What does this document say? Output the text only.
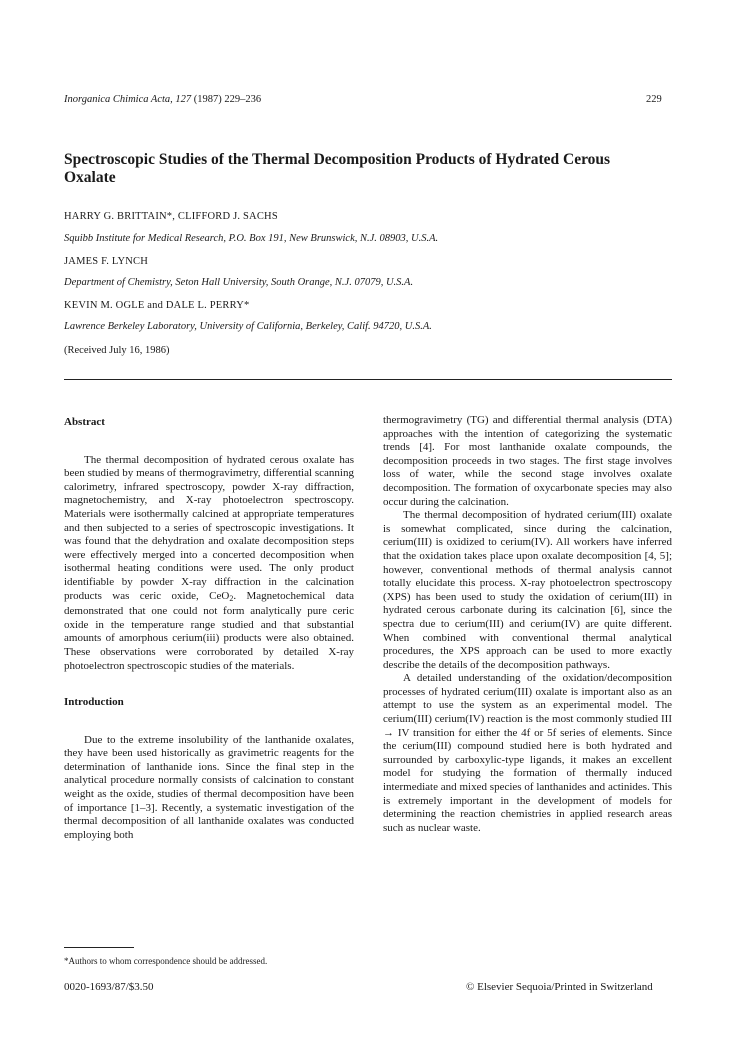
Inorganica Chimica Acta, 127 (1987) 229–236	229
Spectroscopic Studies of the Thermal Decomposition Products of Hydrated Cerous Oxalate
HARRY G. BRITTAIN*, CLIFFORD J. SACHS
Squibb Institute for Medical Research, P.O. Box 191, New Brunswick, N.J. 08903, U.S.A.
JAMES F. LYNCH
Department of Chemistry, Seton Hall University, South Orange, N.J. 07079, U.S.A.
KEVIN M. OGLE and DALE L. PERRY*
Lawrence Berkeley Laboratory, University of California, Berkeley, Calif. 94720, U.S.A.
(Received July 16, 1986)
Abstract

The thermal decomposition of hydrated cerous oxalate has been studied by means of thermogravimetry, differential scanning calorimetry, infrared spectroscopy, powder X-ray diffraction, magnetochemistry, and X-ray photoelectron spectroscopy. Materials were isothermally calcined at appropriate temperatures and then subjected to a series of spectroscopic investigations. It was found that the dehydration and oxalate decomposition steps were effectively merged into a concerted decomposition when isothermal heating conditions were used. The only product identifiable by powder X-ray diffraction in the calcination products was ceric oxide, CeO$_2$. Magnetochemical data demonstrated that one could not form analytically pure ceric oxide in the temperature range studied and that substantial amounts of amorphous cerium(iii) products were also obtained. These observations were corroborated by detailed X-ray photoelectron spectroscopic studies of the materials.

Introduction

Due to the extreme insolubility of the lanthanide oxalates, they have been used historically as gravimetric reagents for the determination of lanthanide ions. Since the final step in the analytical procedure normally consists of calcination to constant weight as the oxide, studies of thermal decomposition have been of importance [1–3]. Recently, a systematic investigation of the thermal decomposition of all lanthanide oxalates was conducted employing both

thermogravimetry (TG) and differential thermal analysis (DTA) approaches with the intention of categorizing the systematic trends [4]. For most lanthanide oxalate compounds, the decomposition proceeds in two stages. The first stage involves loss of water, while the second stage involves oxalate decomposition. The formation of oxycarbonate species may also occur during the calcination.

The thermal decomposition of hydrated cerium(III) oxalate is somewhat complicated, since during the calcination, cerium(III) is oxidized to cerium(IV). All workers have inferred that the oxidation takes place upon oxalate decomposition [4, 5]; however, conventional methods of thermal analysis cannot totally elucidate this process. X-ray photoelectron spectroscopy (XPS) has been used to study the oxidation of cerium(III) in hydrated cerous carbonate during its calcination [6], since the spectra due to cerium(III) and cerium(IV) are quite different. When combined with conventional thermal analytical procedures, the XPS approach can be used to more exactly describe the details of the decomposition pathways.

A detailed understanding of the oxidation/decomposition processes of hydrated cerium(III) oxalate is important also as an attempt to use the system as an experimental model. The cerium(III) cerium(IV) reaction is the most commonly studied III → IV transition for either the 4f or 5f series of elements. Since the cerium(III) compound studied here is both hydrated and surrounded by carboxylic-type ligands, it makes an excellent model for studying the formation of thermally induced intermediate and mixed species of lanthanides and actinides. This is extremely important in the development of models for determining the reaction chemistries in applied research areas such as nuclear waste.

*Authors to whom correspondence should be addressed.
0020-1693/87/$3.50	© Elsevier Sequoia/Printed in Switzerland
